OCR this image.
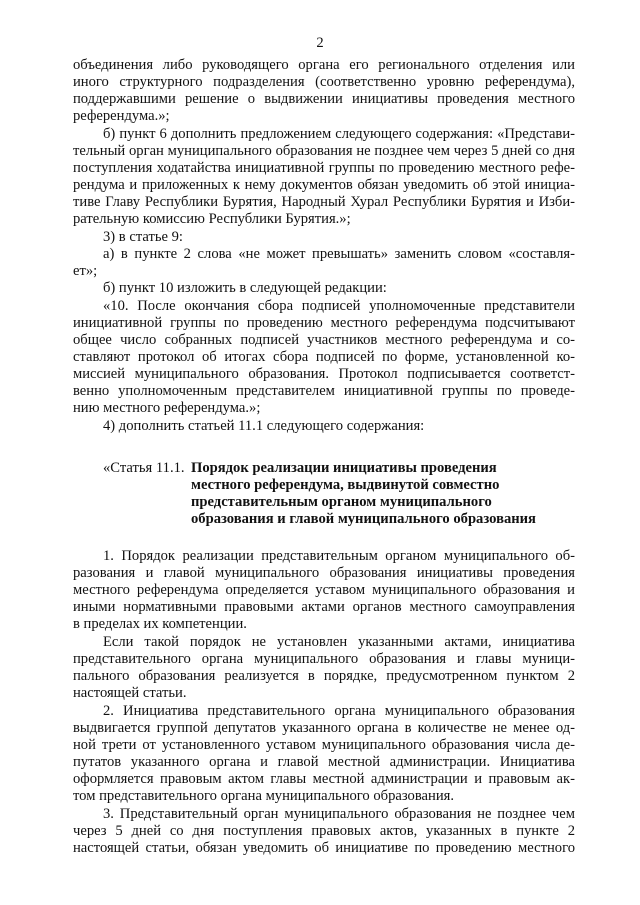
2
объединения либо руководящего органа его регионального отделения или
иного структурного подразделения (соответственно уровню референдума),
поддержавшими решение о выдвижении инициативы проведения местного
референдума.»;
б) пункт 6 дополнить предложением следующего содержания: «Представи-
тельный орган муниципального образования не позднее чем через 5 дней со дня
поступления ходатайства инициативной группы по проведению местного рефе-
рендума и приложенных к нему документов обязан уведомить об этой инициа-
тиве Главу Республики Бурятия, Народный Хурал Республики Бурятия и Изби-
рательную комиссию Республики Бурятия.»;
3) в статье 9:
а) в пункте 2 слова «не может превышать» заменить словом «составля-
ет»;
б) пункт 10 изложить в следующей редакции:
«10. После окончания сбора подписей уполномоченные представители
инициативной группы по проведению местного референдума подсчитывают
общее число собранных подписей участников местного референдума и со-
ставляют протокол об итогах сбора подписей по форме, установленной ко-
миссией муниципального образования. Протокол подписывается соответст-
венно уполномоченным представителем инициативной группы по проведе-
нию местного референдума.»;
4) дополнить статьей 11.1 следующего содержания:
«Статья 11.1. Порядок реализации инициативы проведения
местного референдума, выдвинутой совместно
представительным органом муниципального
образования и главой муниципального образования
1. Порядок реализации представительным органом муниципального об-
разования и главой муниципального образования инициативы проведения
местного референдума определяется уставом муниципального образования и
иными нормативными правовыми актами органов местного самоуправления
в пределах их компетенции.
Если такой порядок не установлен указанными актами, инициатива
представительного органа муниципального образования и главы муници-
пального образования реализуется в порядке, предусмотренном пунктом 2
настоящей статьи.
2. Инициатива представительного органа муниципального образования
выдвигается группой депутатов указанного органа в количестве не менее од-
ной трети от установленного уставом муниципального образования числа де-
путатов указанного органа и главой местной администрации. Инициатива
оформляется правовым актом главы местной администрации и правовым ак-
том представительного органа муниципального образования.
3. Представительный орган муниципального образования не позднее чем
через 5 дней со дня поступления правовых актов, указанных в пункте 2
настоящей статьи, обязан уведомить об инициативе по проведению местного
